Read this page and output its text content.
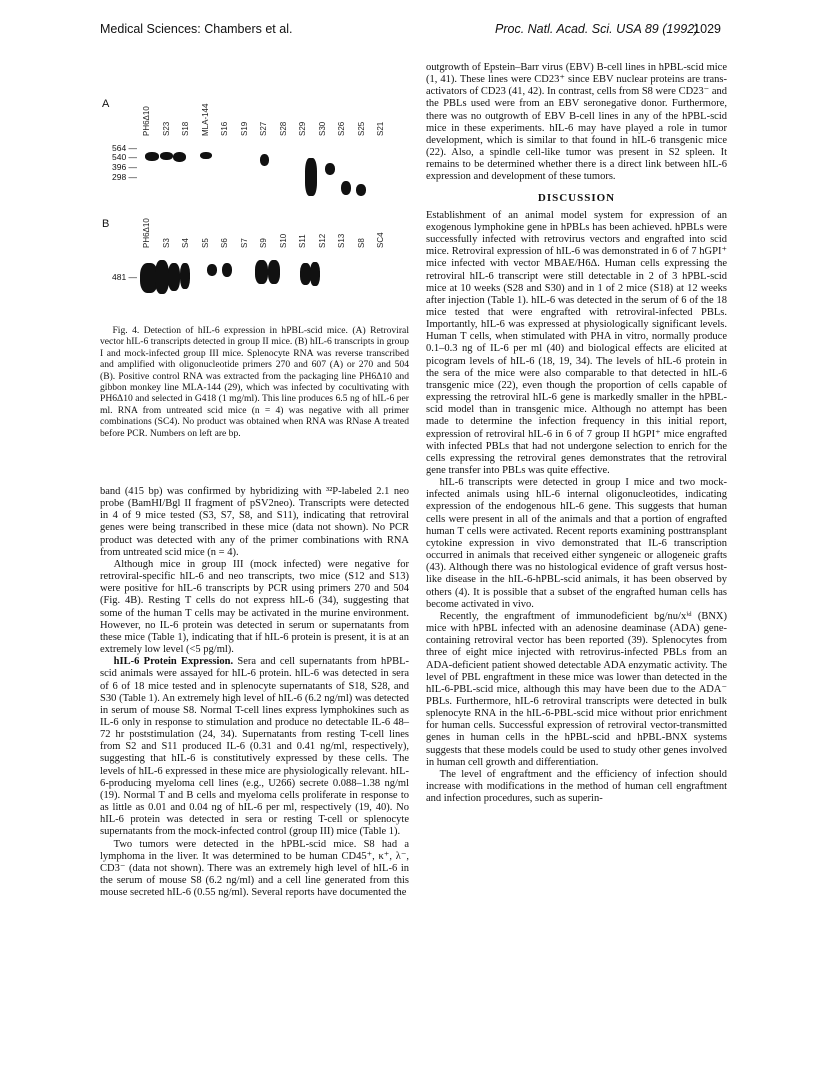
Medical Sciences: Chambers et al.	Proc. Natl. Acad. Sci. USA 89 (1992)
1029
A
PH6Δ10 S23 S18 MLA-144 S16 S19 S27 S28 S29 S30 S26 S25 S21
564 —
540 —
396 —
298 —
B	PH6Δ10 S3 S4 S5 S6 S7 S9 S10 S11 S12 S13 S8 SC4
481 —

Fig. 4. Detection of hIL-6 expression in hPBL-scid mice. (A) Retroviral vector hIL-6 transcripts detected in group II mice. (B) hIL-6 transcripts in group I and mock-infected group III mice. Splenocyte RNA was reverse transcribed and amplified with oligonucleotide primers 270 and 607 (A) or 270 and 504 (B). Positive control RNA was extracted from the packaging line PH6Δ10 and gibbon monkey line MLA-144 (29), which was infected by cocultivating with PH6Δ10 and selected in G418 (1 mg/ml). This line produces 6.5 ng of hIL-6 per ml. RNA from untreated scid mice (n = 4) was negative with all primer combinations (SC4). No product was obtained when RNA was RNase A treated before PCR. Numbers on left are bp.

band (415 bp) was confirmed by hybridizing with ³²P-labeled 2.1 neo probe (BamHI/Bgl II fragment of pSV2neo). Transcripts were detected in 4 of 9 mice tested (S3, S7, S8, and S11), indicating that retroviral genes were being transcribed in these mice (data not shown). No PCR product was detected with any of the primer combinations with RNA from untreated scid mice (n = 4).

Although mice in group III (mock infected) were negative for retroviral-specific hIL-6 and neo transcripts, two mice (S12 and S13) were positive for hIL-6 transcripts by PCR using primers 270 and 504 (Fig. 4B). Resting T cells do not express hIL-6 (34), suggesting that some of the human T cells may be activated in the murine environment. However, no IL-6 protein was detected in serum or supernatants from these mice (Table 1), indicating that if hIL-6 protein is present, it is at an extremely low level (<5 pg/ml).

hIL-6 Protein Expression. Sera and cell supernatants from hPBL-scid animals were assayed for hIL-6 protein. hIL-6 was detected in sera of 6 of 18 mice tested and in splenocyte supernatants of S18, S28, and S30 (Table 1). An extremely high level of hIL-6 (6.2 ng/ml) was detected in serum of mouse S8. Normal T-cell lines express lymphokines such as IL-6 only in response to stimulation and produce no detectable IL-6 48–72 hr poststimulation (24, 34). Supernatants from resting T-cell lines from S2 and S11 produced IL-6 (0.31 and 0.41 ng/ml, respectively), suggesting that hIL-6 is constitutively expressed by these cells. The levels of hIL-6 expressed in these mice are physiologically relevant. hIL-6-producing myeloma cell lines (e.g., U266) secrete 0.088–1.38 ng/ml (19). Normal T and B cells and myeloma cells proliferate in response to as little as 0.01 and 0.04 ng of hIL-6 per ml, respectively (19, 40). No hIL-6 protein was detected in sera or resting T-cell or splenocyte supernatants from the mock-infected control (group III) mice (Table 1).

Two tumors were detected in the hPBL-scid mice. S8 had a lymphoma in the liver. It was determined to be human CD45⁺, κ⁺, λ⁻, CD3⁻ (data not shown). There was an extremely high level of hIL-6 in the serum of mouse S8 (6.2 ng/ml) and a cell line generated from this mouse secreted hIL-6 (0.55 ng/ml). Several reports have documented the

outgrowth of Epstein–Barr virus (EBV) B-cell lines in hPBL-scid mice (1, 41). These lines were CD23⁺ since EBV nuclear proteins are trans-activators of CD23 (41, 42). In contrast, cells from S8 were CD23⁻ and the PBLs used were from an EBV seronegative donor. Furthermore, there was no outgrowth of EBV B-cell lines in any of the hPBL-scid mice in these experiments. hIL-6 may have played a role in tumor development, which is similar to that found in hIL-6 transgenic mice (22). Also, a spindle cell-like tumor was present in S2 spleen. It remains to be determined whether there is a direct link between hIL-6 expression and development of these tumors.

DISCUSSION

Establishment of an animal model system for expression of an exogenous lymphokine gene in hPBLs has been achieved. hPBLs were successfully infected with retrovirus vectors and engrafted into scid mice. Retroviral expression of hIL-6 was demonstrated in 6 of 7 hGPI⁺ mice infected with vector MBAE/H6Δ. Human cells expressing the retroviral hIL-6 transcript were still detectable in 2 of 3 hPBL-scid mice at 10 weeks (S28 and S30) and in 1 of 2 mice (S18) at 12 weeks after injection (Table 1). hIL-6 was detected in the serum of 6 of the 18 mice tested that were engrafted with retroviral-infected PBLs. Importantly, hIL-6 was expressed at physiologically significant levels. Human T cells, when stimulated with PHA in vitro, normally produce 0.1–0.3 ng of IL-6 per ml (40) and biological effects are elicited at picogram levels of hIL-6 (18, 19, 34). The levels of hIL-6 protein in the sera of the mice were also comparable to that detected in hIL-6 transgenic mice (22), even though the proportion of cells capable of expressing the retroviral hIL-6 gene is markedly smaller in the hPBL-scid model than in transgenic mice. Although no attempt has been made to determine the infection frequency in this initial report, expression of retroviral hIL-6 in 6 of 7 group II hGPI⁺ mice engrafted with infected PBLs that had not undergone selection to enrich for the cells expressing the retroviral genes demonstrates that the retroviral gene transfer into PBLs was quite effective.

hIL-6 transcripts were detected in group I mice and two mock-infected animals using hIL-6 internal oligonucleotides, indicating expression of the endogenous hIL-6 gene. This suggests that human cells were present in all of the animals and that a portion of engrafted human T cells were activated. Recent reports examining posttransplant cytokine expression in vivo demonstrated that IL-6 transcription occurred in animals that received either syngeneic or allogeneic grafts (43). Although there was no histological evidence of graft versus host-like disease in the hIL-6-hPBL-scid animals, it has been observed by others (4). It is possible that a subset of the engrafted human cells has become activated in vivo.

Recently, the engraftment of immunodeficient bg/nu/xⁱᵈ (BNX) mice with hPBL infected with an adenosine deaminase (ADA) gene-containing retroviral vector has been reported (39). Splenocytes from three of eight mice injected with retrovirus-infected PBLs from an ADA-deficient patient showed detectable ADA enzymatic activity. The level of PBL engraftment in these mice was lower than detected in the hIL-6-PBL-scid mice, although this may have been due to the ADA⁻ PBLs. Furthermore, hIL-6 retroviral transcripts were detected in bulk splenocyte RNA in the hIL-6-PBL-scid mice without prior enrichment for human cells. Successful expression of retroviral vector-transmitted genes in human cells in the hPBL-scid and hPBL-BNX systems suggests that these models could be used to study other genes involved in human cell growth and differentiation.

The level of engraftment and the efficiency of infection should increase with modifications in the method of human cell engraftment and infection procedures, such as superin-
